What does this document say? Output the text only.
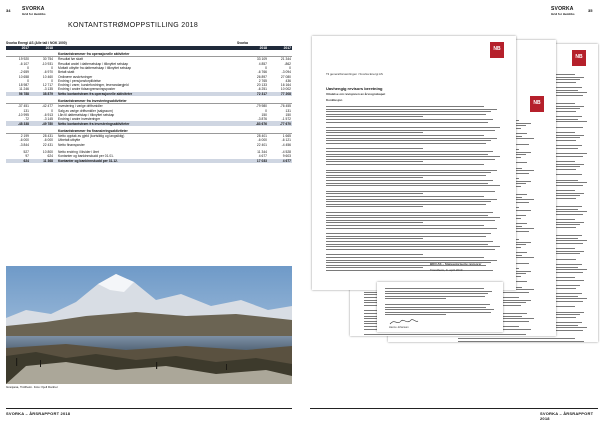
34 SVORKA
Grid for Hemlibs
KONTANTSTRØMOPPSTILLING 2018
Svorka Energi AS (Alle tall i NOK 1000)	Svorka
2017	2018		2018	2017
		Kontantstrømmer fra operasjonelle aktiviteter		
19 920	30 754	Resultat før skatt	33 109	21 344
-6 107	-10 931	Resultat andel i datterselskap / tilknyttet selskap	4 857	-862
0	0	Mottatt utbytte fra datterselskap / tilknyttet selskap	0	0
-2 659	-6 970	Betalt skatt	-6 766	-3 094
10 658	10 460	Ordinære avskrivninger	26 897	27 080
0	0	Endring i pensjonsforpliktelse	2 765	436
18 987	12 717	Endring i varer, kundefordringer, leverandørgjeld	20 133	16 164
11 246	-3 135	Endring i andre tidsavgrensningsposter	-6 251	10 002
56 788	38 879	Netto kontantstrøm fra operasjonelle aktiviteter	72 317	77 208

		Kontantstrømmer fra investeringsaktiviteter		
-37 451	-42 477	Investering i varige driftsmidler	-79 980	-76 455
131	0	Salg av varige driftsmidler (salgssum)	0	131
-10 995	-6 913	Lån til datterselskap / tilknyttet selskap	150	150
-72	-3 145	Endring i andre investeringer	-3 876	-1 572
-48 338	-49 780	Netto kontantstrøm fra investeringsaktiviteter	-83 676	-77 670

		Kontantstrømmer fra finansieringsaktiviteter		
2 199	28 431	Netto opptak av gjeld (kortsiktig og langsiktig)	28 401	1 665
-6 000	-6 000	Utbetalt utbytte	-6 000	-6 121
-3 844	22 431	Netto finansposter	22 401	-4 456

527	10 800	Netto endring i likvider i året	11 344	-4 528
97	624	Kontanter og bankinnskudd per 01.01.	4 677	9 603
624	11 368	Kontanter og bankinnskudd per 31.12.	17 033	4 677
Granjana, Trollheim. Foto: Kjell Danher
SVORKA – ÅRSRAPPORT 2018
35
SVORKA
Grid for Hemlibs
NB
NB
NB
Til generalforsamlingen i Svorka Energi AS
Uavhengig revisors beretning
Uttalelse om revisjonen av årsregnskapet
Konklusjon
BDO AS – Statsautoriserte revisorer
Trondheim, 9. april 2019
Hanne Johansen
SVORKA – ÅRSRAPPORT 2018
